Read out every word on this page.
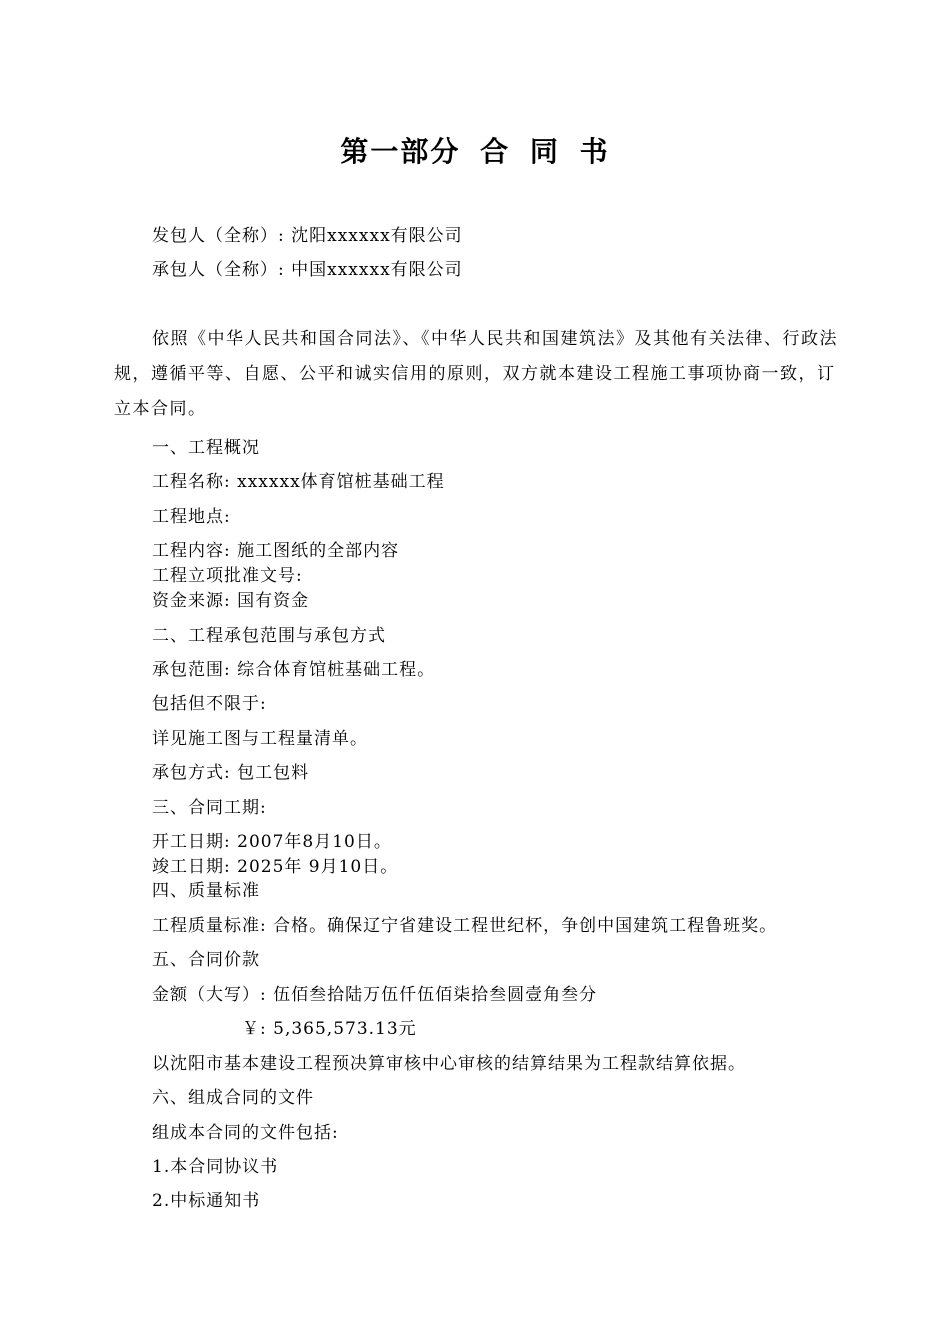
第一部分 合 同 书
发包人（全称）: 沈阳xxxxxx有限公司
承包人（全称）: 中国xxxxxx有限公司

依照《中华人民共和国合同法》、《中华人民共和国建筑法》及其他有关法律、行政法规，遵循平等、自愿、公平和诚实信用的原则，双方就本建设工程施工事项协商一致，订立本合同。

一、工程概况
工程名称: xxxxxx体育馆桩基础工程
工程地点:
工程内容: 施工图纸的全部内容
工程立项批准文号:
资金来源: 国有资金
二、工程承包范围与承包方式
承包范围: 综合体育馆桩基础工程。
包括但不限于:
详见施工图与工程量清单。
承包方式: 包工包料
三、合同工期:
开工日期: 2007年8月10日。
竣工日期: 2025年 9月10日。
四、质量标准
工程质量标准: 合格。确保辽宁省建设工程世纪杯，争创中国建筑工程鲁班奖。
五、合同价款
金额（大写）: 伍佰叁拾陆万伍仟伍佰柒拾叁圆壹角叁分
￥: 5,365,573.13元
以沈阳市基本建设工程预决算审核中心审核的结算结果为工程款结算依据。
六、组成合同的文件
组成本合同的文件包括:
1.本合同协议书
2.中标通知书
